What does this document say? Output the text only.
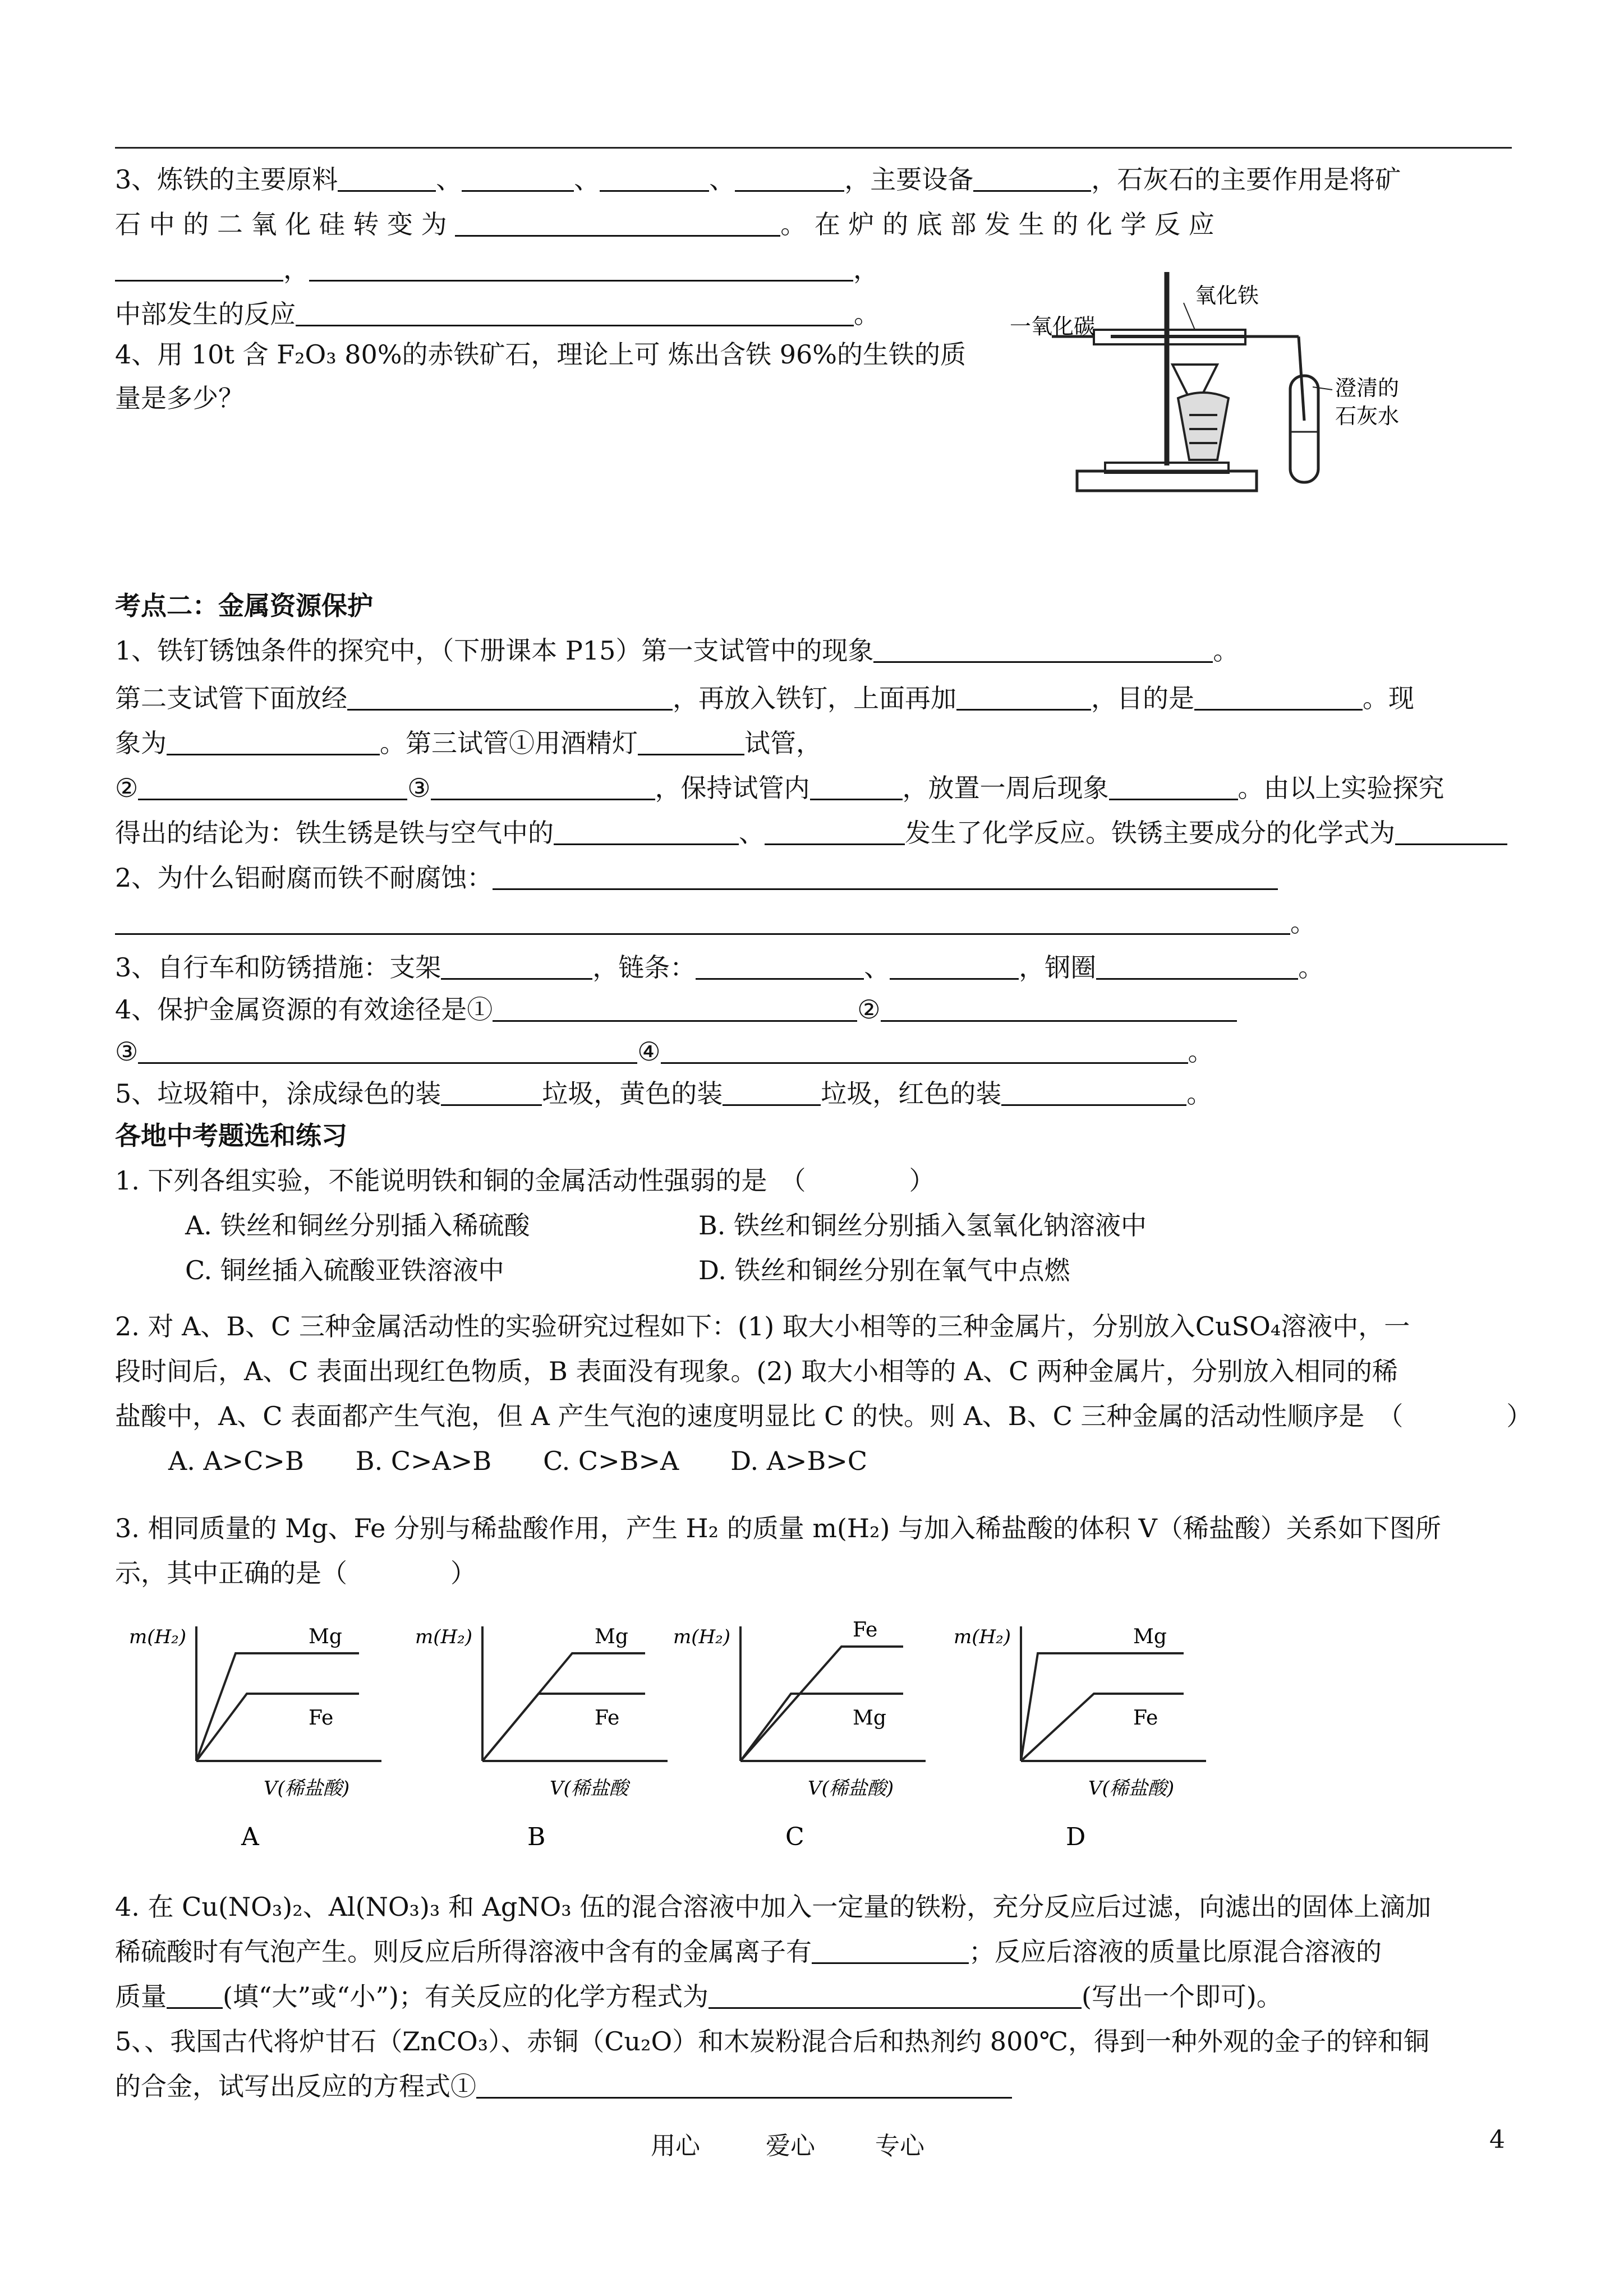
3、炼铁的主要原料	、	、	、	，主要设备	，石灰石的主要作用是将矿
石 中 的 二 氧 化 硅 转 变 为	。 在 炉 的 底 部 发 生 的 化 学 反 应
，	，
中部发生的反应	。
4、用 10t 含 F₂O₃ 80%的赤铁矿石，理论上可 炼出含铁 96%的生铁的质
量是多少？
氧化铁
一氧化碳
澄清的
石灰水
考点二：金属资源保护
1、铁钉锈蚀条件的探究中，（下册课本 P15）第一支试管中的现象	。
第二支试管下面放经	，再放入铁钉，上面再加	，目的是	。现
象为	。第三试管①用酒精灯	试管，
②	③	，保持试管内	，放置一周后现象	。由以上实验探究
得出的结论为：铁生锈是铁与空气中的	、	发生了化学反应。铁锈主要成分的化学式为
2、为什么铝耐腐而铁不耐腐蚀：
。
3、自行车和防锈措施：支架	，链条：	、	，钢圈	。
4、保护金属资源的有效途径是①	②
③	④	。
5、垃圾箱中，涂成绿色的装	垃圾，黄色的装	垃圾，红色的装	。
各地中考题选和练习
1. 下列各组实验，不能说明铁和铜的金属活动性强弱的是　（　　　　）
A. 铁丝和铜丝分别插入稀硫酸	B. 铁丝和铜丝分别插入氢氧化钠溶液中
C. 铜丝插入硫酸亚铁溶液中	D. 铁丝和铜丝分别在氧气中点燃
2. 对 A、B、C 三种金属活动性的实验研究过程如下：(1) 取大小相等的三种金属片，分别放入CuSO₄溶液中，一
段时间后，A、C 表面出现红色物质，B 表面没有现象。(2) 取大小相等的 A、C 两种金属片，分别放入相同的稀
盐酸中，A、C 表面都产生气泡，但 A 产生气泡的速度明显比 C 的快。则 A、B、C 三种金属的活动性顺序是　（　　　　）
A. A>C>B　　B. C>A>B　　C. C>B>A　　D. A>B>C
3. 相同质量的 Mg、Fe 分别与稀盐酸作用，产生 H₂ 的质量 m(H₂) 与加入稀盐酸的体积 V（稀盐酸）关系如下图所
示，其中正确的是（　　　　）
m(H₂)	Mg
Fe
V(稀盐酸)
A
m(H₂)	Mg
Fe
V(稀盐酸
B
m(H₂)	Fe
Mg
V(稀盐酸)
C
m(H₂)	Mg
Fe
V(稀盐酸)
D
4. 在 Cu(NO₃)₂、Al(NO₃)₃ 和 AgNO₃ 伍的混合溶液中加入一定量的铁粉，充分反应后过滤，向滤出的固体上滴加
稀硫酸时有气泡产生。则反应后所得溶液中含有的金属离子有	；反应后溶液的质量比原混合溶液的
质量 (填“大”或“小”)；有关反应的化学方程式为	(写出一个即可)。
5、、我国古代将炉甘石（ZnCO₃）、赤铜（Cu₂O）和木炭粉混合后和热剂约 800℃，得到一种外观的金子的锌和铜
的合金，试写出反应的方程式①
用心	爱心 专心	4
